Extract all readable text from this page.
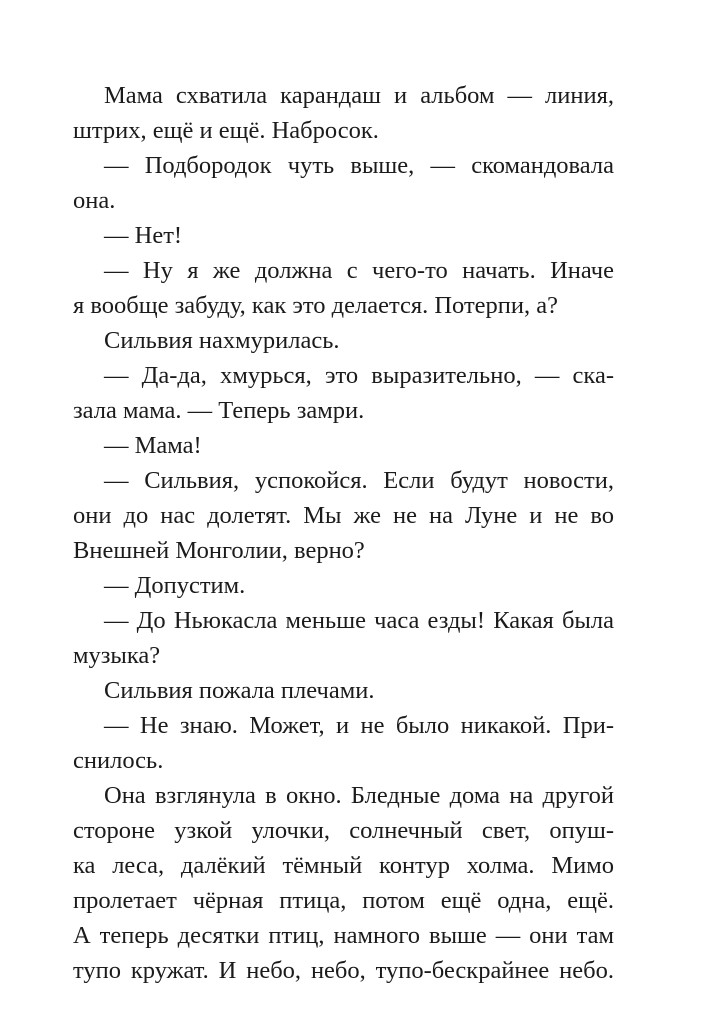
Мама схватила карандаш и альбом — линия,
штрих, ещё и ещё. Набросок.
— Подбородок чуть выше, — скомандовала
она.
— Нет!
— Ну я же должна с чего-то начать. Иначе
я вообще забуду, как это делается. Потерпи, а?
Сильвия нахмурилась.
— Да-да, хмурься, это выразительно, — ска-
зала мама. — Теперь замри.
— Мама!
— Сильвия, успокойся. Если будут новости,
они до нас долетят. Мы же не на Луне и не во
Внешней Монголии, верно?
— Допустим.
— До Ньюкасла меньше часа езды! Какая была
музыка?
Сильвия пожала плечами.
— Не знаю. Может, и не было никакой. При-
снилось.
Она взглянула в окно. Бледные дома на другой
стороне узкой улочки, солнечный свет, опуш-
ка леса, далёкий тёмный контур холма. Мимо
пролетает чёрная птица, потом ещё одна, ещё.
А теперь десятки птиц, намного выше — они там
тупо кружат. И небо, небо, тупо-бескрайнее небо.
